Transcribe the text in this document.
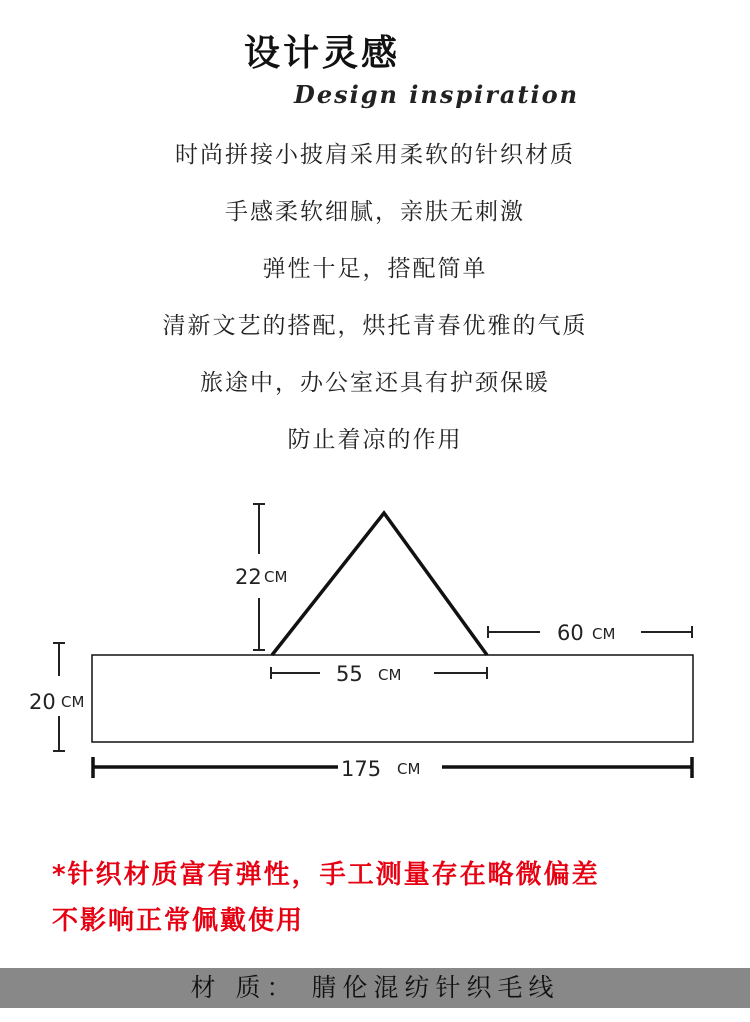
设计灵感
Design inspiration
时尚拼接小披肩采用柔软的针织材质
手感柔软细腻，亲肤无刺激
弹性十足，搭配简单
清新文艺的搭配，烘托青春优雅的气质
旅途中，办公室还具有护颈保暖
防止着凉的作用
22 CM
55 CM
60 CM
20 CM
175 CM
*针织材质富有弹性，手工测量存在略微偏差
不影响正常佩戴使用
材 质： 腈伦混纺针织毛线
